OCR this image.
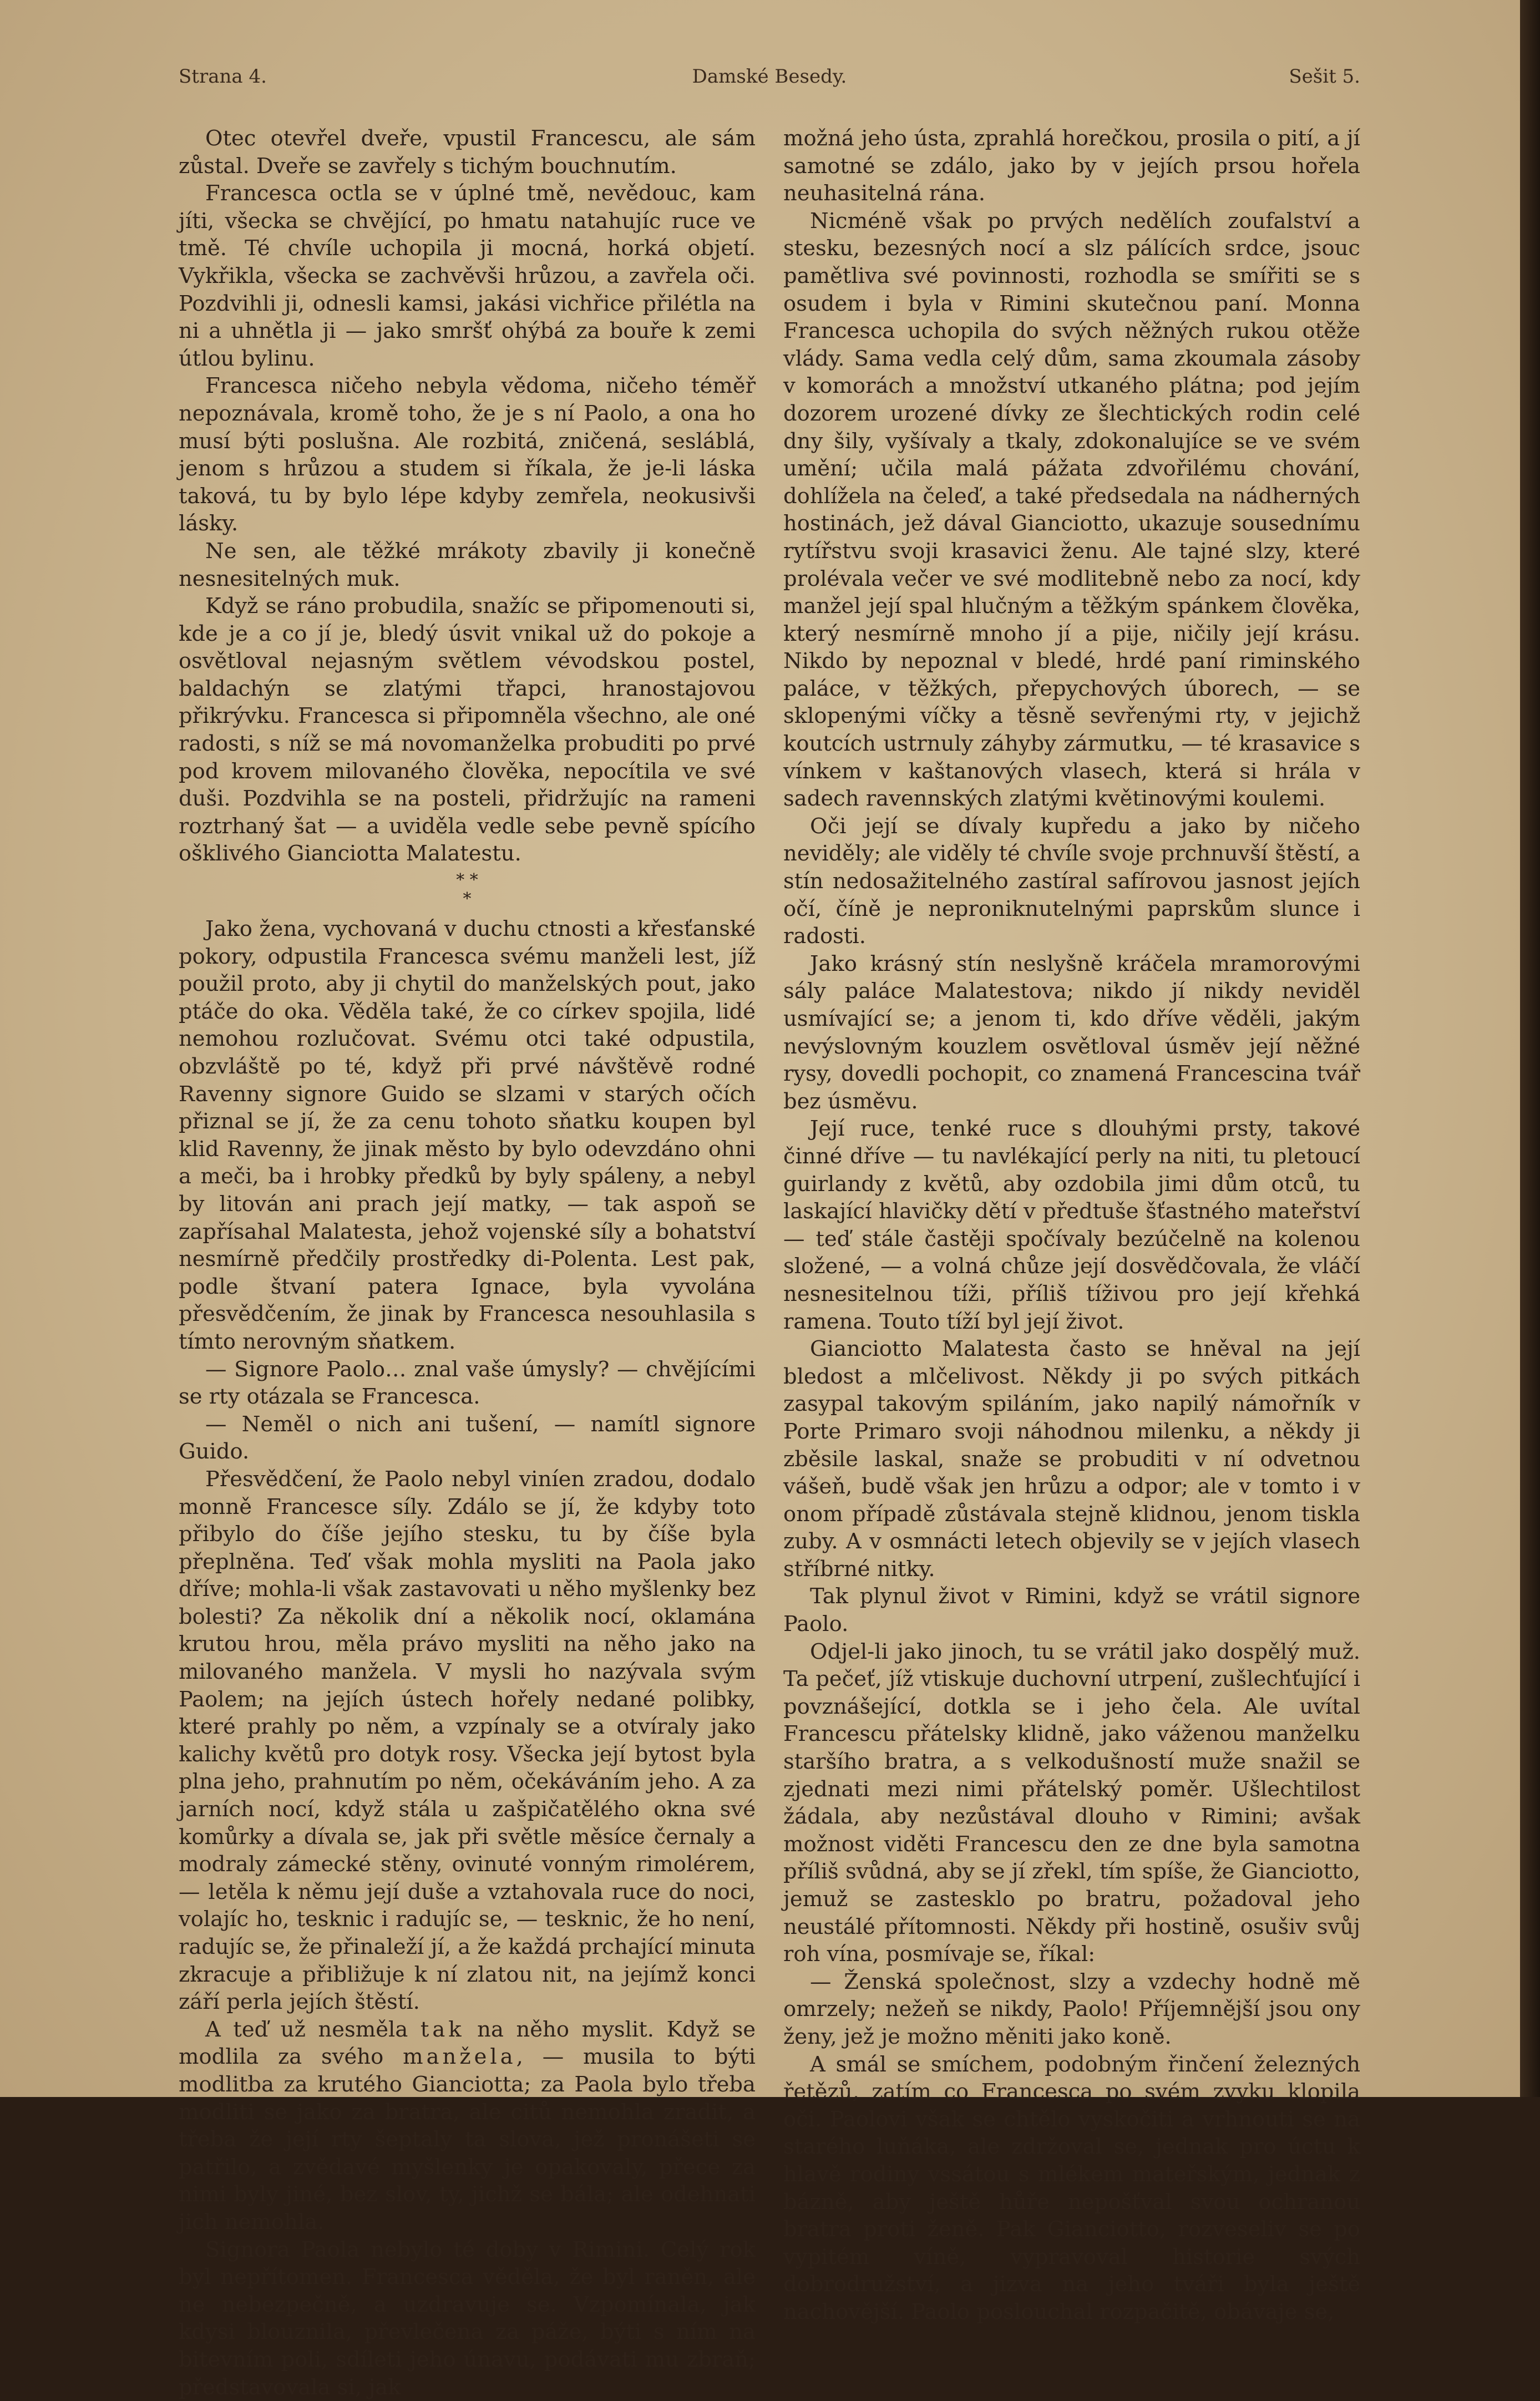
Strana 4.	Damské Besedy.	Sešit 5.

Otec otevřel dveře, vpustil Francescu, ale sám zůstal. Dveře se zavřely s tichým bouchnutím.

Francesca octla se v úplné tmě, nevědouc, kam jíti, všecka se chvějící, po hmatu natahujíc ruce ve tmě. Té chvíle uchopila ji mocná, horká objetí. Vykřikla, všecka se zachvěvši hrůzou, a zavřela oči. Pozdvihli ji, odnesli kamsi, jakási vichřice přilétla na ni a uhnětla ji — jako smršť ohýbá za bouře k zemi útlou bylinu.

Francesca ničeho nebyla vědoma, ničeho téměř nepoznávala, kromě toho, že je s ní Paolo, a ona ho musí býti poslušna. Ale rozbitá, zničená, sesláblá, jenom s hrůzou a studem si říkala, že je-li láska taková, tu by bylo lépe kdyby zemřela, neokusivši lásky.

Ne sen, ale těžké mrákoty zbavily ji konečně nesnesitelných muk.

Když se ráno probudila, snažíc se připomenouti si, kde je a co jí je, bledý úsvit vnikal už do pokoje a osvětloval nejasným světlem vévodskou postel, baldachýn se zlatými třapci, hranostajovou přikrývku. Francesca si připomněla všechno, ale oné radosti, s níž se má novomanželka probuditi po prvé pod krovem milovaného člověka, nepocítila ve své duši. Pozdvihla se na posteli, přidržujíc na rameni roztrhaný šat — a uviděla vedle sebe pevně spícího ošklivého Gianciotta Malatestu.

* *
*

Jako žena, vychovaná v duchu ctnosti a křesťanské pokory, odpustila Francesca svému manželi lest, jíž použil proto, aby ji chytil do manželských pout, jako ptáče do oka. Věděla také, že co církev spojila, lidé nemohou rozlučovat. Svému otci také odpustila, obzvláště po té, když při prvé návštěvě rodné Ravenny signore Guido se slzami v starých očích přiznal se jí, že za cenu tohoto sňatku koupen byl klid Ravenny, že jinak město by bylo odevzdáno ohni a meči, ba i hrobky předků by byly spáleny, a nebyl by litován ani prach její matky, — tak aspoň se zapřísahal Malatesta, jehož vojenské síly a bohatství nesmírně předčily prostředky di-Polenta. Lest pak, podle štvaní patera Ignace, byla vyvolána přesvědčením, že jinak by Francesca nesouhlasila s tímto nerovným sňatkem.

— Signore Paolo… znal vaše úmysly? — chvějícími se rty otázala se Francesca.

— Neměl o nich ani tušení, — namítl signore Guido.

Přesvědčení, že Paolo nebyl viníen zradou, dodalo monně Francesce síly. Zdálo se jí, že kdyby toto přibylo do číše jejího stesku, tu by číše byla přeplněna. Teď však mohla mysliti na Paola jako dříve; mohla-li však zastavovati u něho myšlenky bez bolesti? Za několik dní a několik nocí, oklamána krutou hrou, měla právo mysliti na něho jako na milovaného manžela. V mysli ho nazývala svým Paolem; na jejích ústech hořely nedané polibky, které prahly po něm, a vzpínaly se a otvíraly jako kalichy květů pro dotyk rosy. Všecka její bytost byla plna jeho, prahnutím po něm, očekáváním jeho. A za jarních nocí, když stála u zašpičatělého okna své komůrky a dívala se, jak při světle měsíce černaly a modraly zámecké stěny, ovinuté vonným rimolérem, — letěla k němu její duše a vztahovala ruce do noci, volajíc ho, tesknic i radujíc se, — tesknic, že ho není, radujíc se, že přinaleží jí, a že každá prchající minuta zkracuje a přibližuje k ní zlatou nit, na jejímž konci září perla jejích štěstí.

A teď už nesměla tak na něho myslit. Když se modlila za svého manžela, — musila to býti modlitba za krutého Gianciotta; za Paola bylo třeba modliti se jako za bratra, ale citů nemohla zradit, a třeba že její rty šeptaly ta slova, jež pronášeti se patřilo, a zvědavé myšlenky je opakovaly, přece za nimi byly jiné, bez slov, ty, jichž se bála; ale odehnati jich nemohla.

Signora Paola nebylo té doby v Rimini. Celý rok byl nepřítomen. Francesca věděla, že byl raněn, ale ne nebezpečně, a uzdravuje se. Vzpomínala, jak kdysi blouznila, převlečena za páže, býti s ním na bitevním poli, sdíleti jeho únavu, podávati mu zbraň; představovala si, jak

možná jeho ústa, zprahlá horečkou, prosila o pití, a jí samotné se zdálo, jako by v jejích prsou hořela neuhasitelná rána.

Nicméně však po prvých nedělích zoufalství a stesku, bezesných nocí a slz pálících srdce, jsouc pamětliva své povinnosti, rozhodla se smířiti se s osudem i byla v Rimini skutečnou paní. Monna Francesca uchopila do svých něžných rukou otěže vlády. Sama vedla celý dům, sama zkoumala zásoby v komorách a množství utkaného plátna; pod jejím dozorem urozené dívky ze šlechtických rodin celé dny šily, vyšívaly a tkaly, zdokonalujíce se ve svém umění; učila malá pážata zdvořilému chování, dohlížela na čeleď, a také předsedala na nádherných hostinách, jež dával Gianciotto, ukazuje sousednímu rytířstvu svoji krasavici ženu. Ale tajné slzy, které prolévala večer ve své modlitebně nebo za nocí, kdy manžel její spal hlučným a těžkým spánkem člověka, který nesmírně mnoho jí a pije, ničily její krásu. Nikdo by nepoznal v bledé, hrdé paní riminského paláce, v těžkých, přepychových úborech, — se sklopenými víčky a těsně sevřenými rty, v jejichž koutcích ustrnuly záhyby zármutku, — té krasavice s vínkem v kaštanových vlasech, která si hrála v sadech ravennských zlatými květinovými koulemi.

Oči její se dívaly kupředu a jako by ničeho neviděly; ale viděly té chvíle svoje prchnuvší štěstí, a stín nedosažitelného zastíral safírovou jasnost jejích očí, číně je neproniknutelnými paprskům slunce i radosti.

Jako krásný stín neslyšně kráčela mramorovými sály paláce Malatestova; nikdo jí nikdy neviděl usmívající se; a jenom ti, kdo dříve věděli, jakým nevýslovným kouzlem osvětloval úsměv její něžné rysy, dovedli pochopit, co znamená Francescina tvář bez úsměvu.

Její ruce, tenké ruce s dlouhými prsty, takové činné dříve — tu navlékající perly na niti, tu pletoucí guirlandy z květů, aby ozdobila jimi dům otců, tu laskající hlavičky dětí v předtuše šťastného mateřství — teď stále častěji spočívaly bezúčelně na kolenou složené, — a volná chůze její dosvědčovala, že vláčí nesnesitelnou tíži, příliš tíživou pro její křehká ramena. Touto tíží byl její život.

Gianciotto Malatesta často se hněval na její bledost a mlčelivost. Někdy ji po svých pitkách zasypal takovým spiláním, jako napilý námořník v Porte Primaro svoji náhodnou milenku, a někdy ji zběsile laskal, snaže se probuditi v ní odvetnou vášeň, budě však jen hrůzu a odpor; ale v tomto i v onom případě zůstávala stejně klidnou, jenom tiskla zuby. A v osmnácti letech objevily se v jejích vlasech stříbrné nitky.

Tak plynul život v Rimini, když se vrátil signore Paolo.

Odjel-li jako jinoch, tu se vrátil jako dospělý muž. Ta pečeť, jíž vtiskuje duchovní utrpení, zušlechťující i povznášející, dotkla se i jeho čela. Ale uvítal Francescu přátelsky klidně, jako váženou manželku staršího bratra, a s velkodušností muže snažil se zjednati mezi nimi přátelský poměr. Ušlechtilost žádala, aby nezůstával dlouho v Rimini; avšak možnost viděti Francescu den ze dne byla samotna příliš svůdná, aby se jí zřekl, tím spíše, že Gianciotto, jemuž se zastesklo po bratru, požadoval jeho neustálé přítomnosti. Někdy při hostině, osušiv svůj roh vína, posmívaje se, říkal:

— Ženská společnost, slzy a vzdechy hodně mě omrzely; nežeň se nikdy, Paolo! Příjemnější jsou ony ženy, jež je možno měniti jako koně.

A smál se smíchem, podobným řinčení železných řetězů, zatím co Francesca po svém zvyku klopila oči. Paolovi však se chtělo vyskočiti a vrhnouti se na starého luňáka, ale zdržoval se, jednak pro úctu k hlavě rodiny vssátou s mlékem mateřským, jednak z bázně, aby ještě hůře nepošťval svou ochranou bratra proti ženě. Pak Gianciotto, rozveseliv se po vypitém víně, vypravoval historie svých dobrodružství, a jizva na jeho tváři byla ještě nachovější. Paolo poslouchal rozpačitě, obávaje se,
